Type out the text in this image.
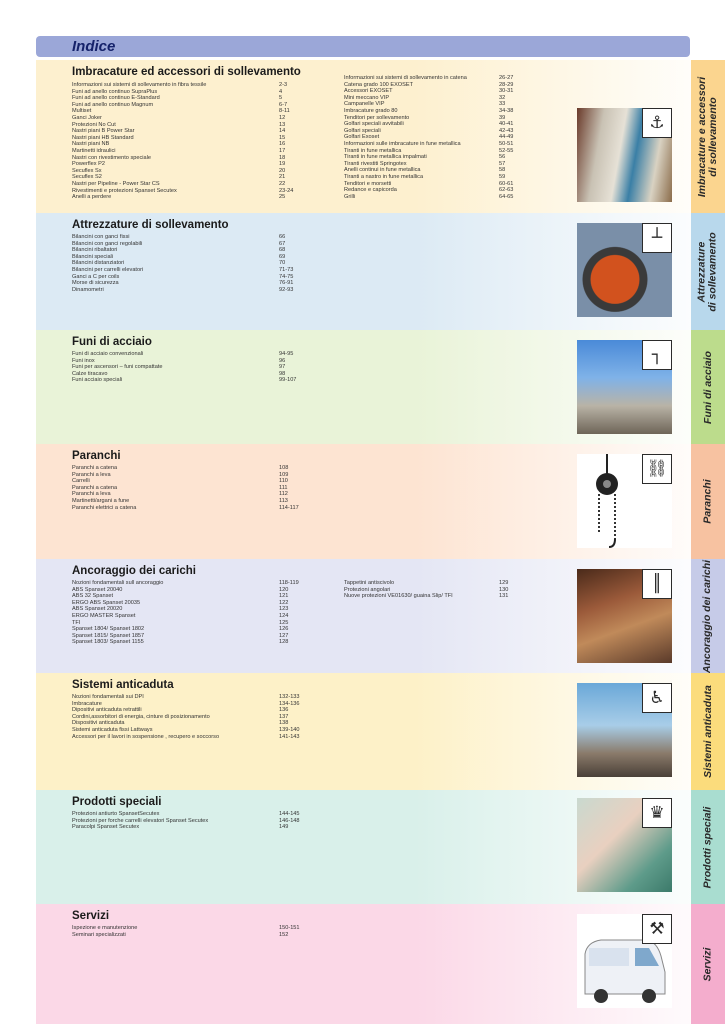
Indice
Imbracature e accessori
di sollevamento
Imbracature ed accessori di sollevamento
Informazioni sui sistemi di sollevamento in fibra tessile	2-3
Funi ad anello continuo SupraPlus	4
Funi ad anello continuo E-Standard	5
Funi ad anello continuo Magnum	6-7
Multiset	8-11
Ganci Joker	12
Protezioni No Cut	13
Nastri piani B Power Star	14
Nastri piani HB Standard	15
Nastri piani NB	16
Martinetti idraulici	17
Nastri con rivestimento speciale	18
Powerflex P2	19
Secuflex Sx	20
Secuflex S2	21
Nastri per Pipeline - Power Star CS	22
Rivestimenti e protezioni Spanset Secutex	23-24
Anelli a perdere	25
Informazioni sui sistemi di sollevamento in catena	26-27
Catena grado 100 EXOSET	28-29
Accessori EXOSET	30-31
Mini meccano VIP	32
Campanelle VIP	33
Imbracature grado 80	34-38
Tenditori per sollevamento	39
Golfari speciali avvitabili	40-41
Golfari speciali	42-43
Golfari Exoset	44-49
Informazioni sulle imbracature in fune metallica	50-51
Tiranti in fune metallica	52-55
Tiranti in fune metallica impalmati	56
Tiranti rivestiti Springotex	57
Anelli continui in fune metallica	58
Tiranti a nastro in fune metallica	59
Tenditori e morsetti	60-61
Redance e capicorda	62-63
Grilli	64-65
⚓
Attrezzature
di sollevamento
Attrezzature di sollevamento
Bilancini con ganci fissi	66
Bilancini con ganci regolabili	67
Bilancini ribaltatori	68
Bilancini speciali	69
Bilancini distanziatori	70
Bilancini per carrelli elevatori	71-73
Ganci a C per coils	74-75
Morse di sicurezza	76-91
Dinamometri	92-93
┴
Funi di acciaio
Funi di acciaio
Funi di acciaio convenzionali	94-95
Funi inox	96
Funi per ascensori – funi compattate	97
Calze tiracavo	98
Funi acciaio speciali	99-107
┐
Paranchi
Paranchi
Paranchi a catena	108
Paranchi a leva	109
Carrelli	110
Paranchi a catena	111
Paranchi a leva	112
Martinetti/argani a fune	113
Paranchi elettrici a catena	114-117
⛓
Ancoraggio dei carichi
Ancoraggio dei carichi
Nozioni fondamentali sull ancoraggio	118-119
ABS Spanset 20040	120
ABS 32 Spanset	121
ERGO ABS Spanset 20035	122
ABS Spanset 20020	123
ERGO MASTER Spanset	124
TFI	125
Spanset 1804/ Spanset 1802	126
Spanset 1815/ Spanset 1857	127
Spanset 1803/ Spanset 1155	128
Tappetini antiscivolo	129
Protezioni angolari	130
Nuove protezioni VE01630/ guaina Slip/ TFI	131
║
Sistemi anticaduta
Sistemi anticaduta
Nozioni fondamentali sui DPI	132-133
Imbracature	134-136
Dipositivi anticaduta retrattili	136
Cordini,assorbitori di energia, cinture di posizionamento	137
Dispositivi anticaduta	138
Sistemi anticaduta fissi Lattways	139-140
Accessori per il lavori in sospensione , recupero e soccorso	141-143
♿
Prodotti speciali
Prodotti speciali
Protezioni antiurto SpansetSecutex	144-145
Protezioni per forche carrelli elevatori Spanset Secutex	146-148
Paracolpi Spanset Secutex	149
♛
Servizi
Servizi
Ispezione e manutenzione	150-151
Seminari specializzati	152	⚒
